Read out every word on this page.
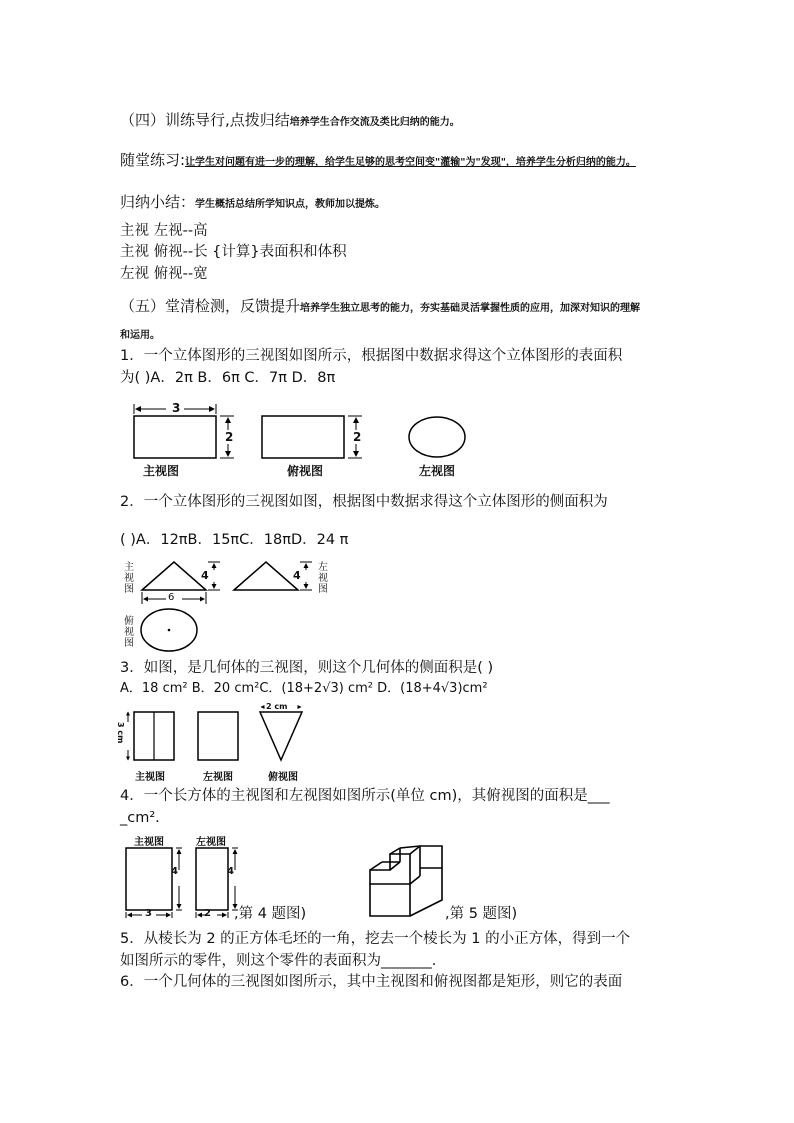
（四）训练导行,点拨归结培养学生合作交流及类比归纳的能力。
随堂练习:让学生对问题有进一步的理解，给学生足够的思考空间变"灌输"为"发现"，培养学生分析归纳的能力。
归纳小结：学生概括总结所学知识点，教师加以提炼。
主视 左视--高
主视 俯视--长 {计算}表面积和体积
左视 俯视--宽
（五）堂清检测，反馈提升培养学生独立思考的能力，夯实基础灵活掌握性质的应用，加深对知识的理解
和运用。
1．一个立体图形的三视图如图所示，根据图中数据求得这个立体图形的表面积
为( )A．2π B．6π C．7π D．8π
3
2	2
主视图	俯视图	左视图
2．一个立体图形的三视图如图，根据图中数据求得这个立体图形的侧面积为
( )A．12πB．15πC．18πD．24 π
主视图
左视图
俯视图
4	4
6
3．如图，是几何体的三视图，则这个几何体的侧面积是( )
A．18 cm² B．20 cm²C．(18+2√3) cm² D．(18+4√3)cm²
3 cm
2 cm
主视图	左视图	俯视图
4．一个长方体的主视图和左视图如图所示(单位 cm)，其俯视图的面积是___
_cm².
主视图	左视图
4	4
3	2 ,第 4 题图)	,第 5 题图)
5．从棱长为 2 的正方体毛坯的一角，挖去一个棱长为 1 的小正方体，得到一个
如图所示的零件，则这个零件的表面积为_______.
6．一个几何体的三视图如图所示，其中主视图和俯视图都是矩形，则它的表面
